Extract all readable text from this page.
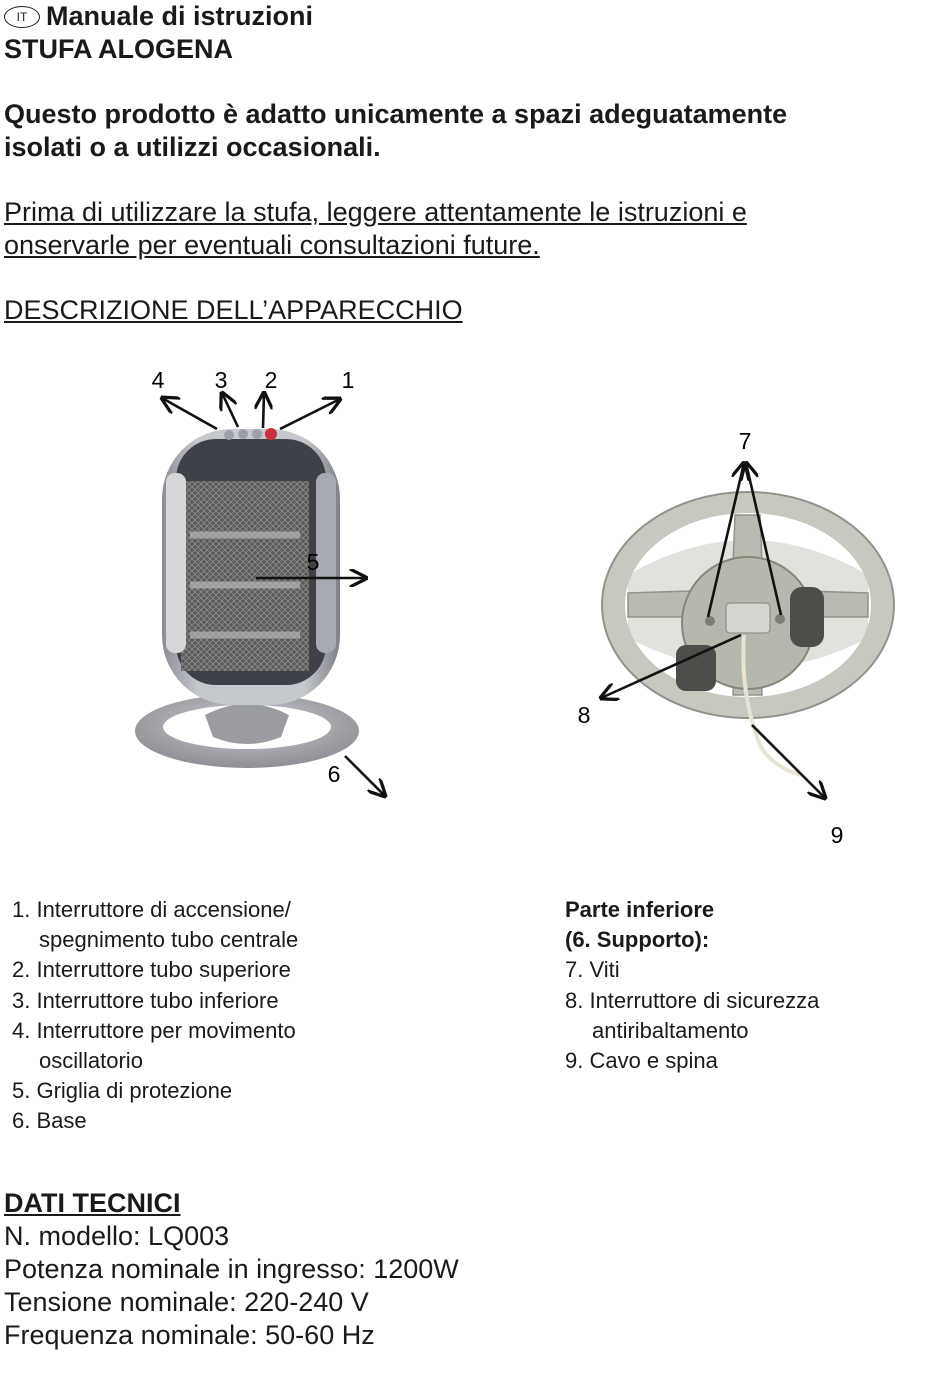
IT Manuale di istruzioni
STUFA ALOGENA
Questo prodotto è adatto unicamente a spazi adeguatamente
isolati o a utilizzi occasionali.
Prima di utilizzare la stufa, leggere attentamente le istruzioni e
onservarle per eventuali consultazioni future.
DESCRIZIONE DELL’APPARECCHIO
4 3 2	1
5
6
7
8
9
1. Interruttore di accensione/
spegnimento tubo centrale
2. Interruttore tubo superiore
3. Interruttore tubo inferiore
4. Interruttore per movimento
oscillatorio
5. Griglia di protezione
6. Base
Parte inferiore
(6. Supporto):
7. Viti
8. Interruttore di sicurezza
antiribaltamento
9. Cavo e spina
DATI TECNICI
N. modello: LQ003
Potenza nominale in ingresso: 1200W
Tensione nominale: 220-240 V
Frequenza nominale: 50-60 Hz
